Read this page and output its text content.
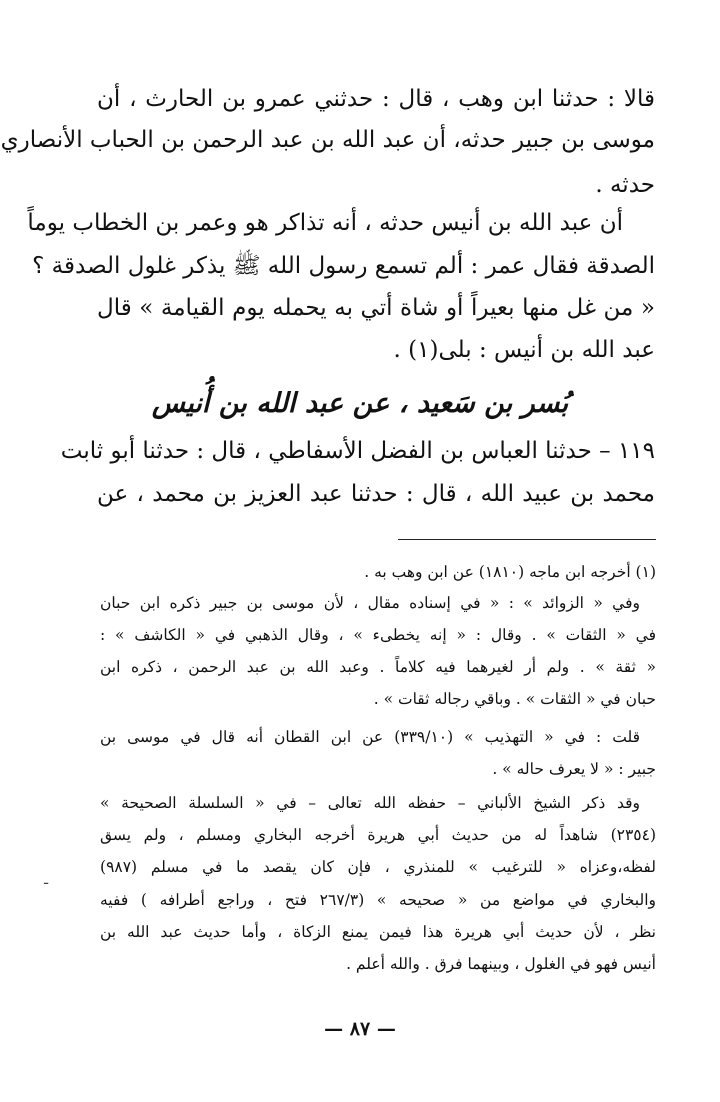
قالا : حدثنا ابن وهب ، قال : حدثني عمرو بن الحارث ، أن
موسى بن جبير حدثه، أن عبد الله بن عبد الرحمن بن الحباب الأنصاري
حدثه .
أن عبد الله بن أنيس حدثه ، أنه تذاكر هو وعمر بن الخطاب يوماً
الصدقة فقال عمر : ألم تسمع رسول الله ﷺ يذكر غلول الصدقة ؟
« من غل منها بعيراً أو شاة أتي به يحمله يوم القيامة » قال
عبد الله بن أنيس : بلى(١) .
بُسر بن سَعيد ، عن عبد الله بن أُنيس
١١٩ – حدثنا العباس بن الفضل الأسفاطي ، قال : حدثنا أبو ثابت
محمد بن عبيد الله ، قال : حدثنا عبد العزيز بن محمد ، عن
(١) أخرجه ابن ماجه (١٨١٠) عن ابن وهب به .
وفي « الزوائد » : « في إسناده مقال ، لأن موسى بن جبير ذكره ابن حبان
في « الثقات » . وقال : « إنه يخطىء » ، وقال الذهبي في « الكاشف » :
« ثقة » . ولم أر لغيرهما فيه كلاماً . وعبد الله بن عبد الرحمن ، ذكره ابن
حبان في « الثقات » . وباقي رجاله ثقات » .
قلت : في « التهذيب » (٣٣٩/١٠) عن ابن القطان أنه قال في موسى بن
جبير : « لا يعرف حاله » .
وقد ذكر الشيخ الألباني – حفظه الله تعالى – في « السلسلة الصحيحة »
(٢٣٥٤) شاهداً له من حديث أبي هريرة أخرجه البخاري ومسلم ، ولم يسق
لفظه،وعزاه « للترغيب » للمنذري ، فإن كان يقصد ما في مسلم (٩٨٧)
والبخاري في مواضع من « صحيحه » (٢٦٧/٣ فتح ، وراجع أطرافه ) ففيه
نظر ، لأن حديث أبي هريرة هذا فيمن يمنع الزكاة ، وأما حديث عبد الله بن
أنيس فهو في الغلول ، وبينهما فرق . والله أعلم .
— ٨٧ —
ـ
